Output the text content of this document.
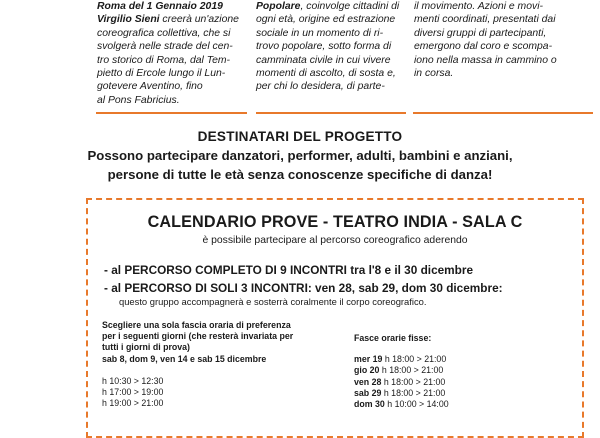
Roma del 1 Gennaio 2019
Virgilio Sieni creerà un'azione
coreografica collettiva, che si
svolgerà nelle strade del cen-
tro storico di Roma, dal Tem-
pietto di Ercole lungo il Lun-
gotevere Aventino, fino
al Pons Fabricius.
Popolare, coinvolge cittadini di
ogni età, origine ed estrazione
sociale in un momento di ri-
trovo popolare, sotto forma di
camminata civile in cui vivere
momenti di ascolto, di sosta e,
per chi lo desidera, di parte-
il movimento. Azioni e movi-
menti coordinati, presentati dai
diversi gruppi di partecipanti,
emergono dal coro e scompa-
iono nella massa in cammino o
in corsa.
DESTINATARI DEL PROGETTO
Possono partecipare danzatori, performer, adulti, bambini e anziani,
persone di tutte le età senza conoscenze specifiche di danza!
CALENDARIO PROVE - TEATRO INDIA - SALA C
è possibile partecipare al percorso coreografico aderendo
- al PERCORSO COMPLETO DI 9 INCONTRI tra l'8 e il 30 dicembre
- al PERCORSO DI SOLI 3 INCONTRI: ven 28, sab 29, dom 30 dicembre:
questo gruppo accompagnerà e sosterrà coralmente il corpo coreografico.
Scegliere una sola fascia oraria di preferenza
per i seguenti giorni (che resterà invariata per
tutti i giorni di prova)
sab 8, dom 9, ven 14 e sab 15 dicembre
h 10:30 > 12:30
h 17:00 > 19:00
h 19:00 > 21:00
Fasce orarie fisse:
mer 19 h 18:00 > 21:00
gio 20 h 18:00 > 21:00
ven 28 h 18:00 > 21:00
sab 29 h 18:00 > 21:00
dom 30 h 10:00 > 14:00
